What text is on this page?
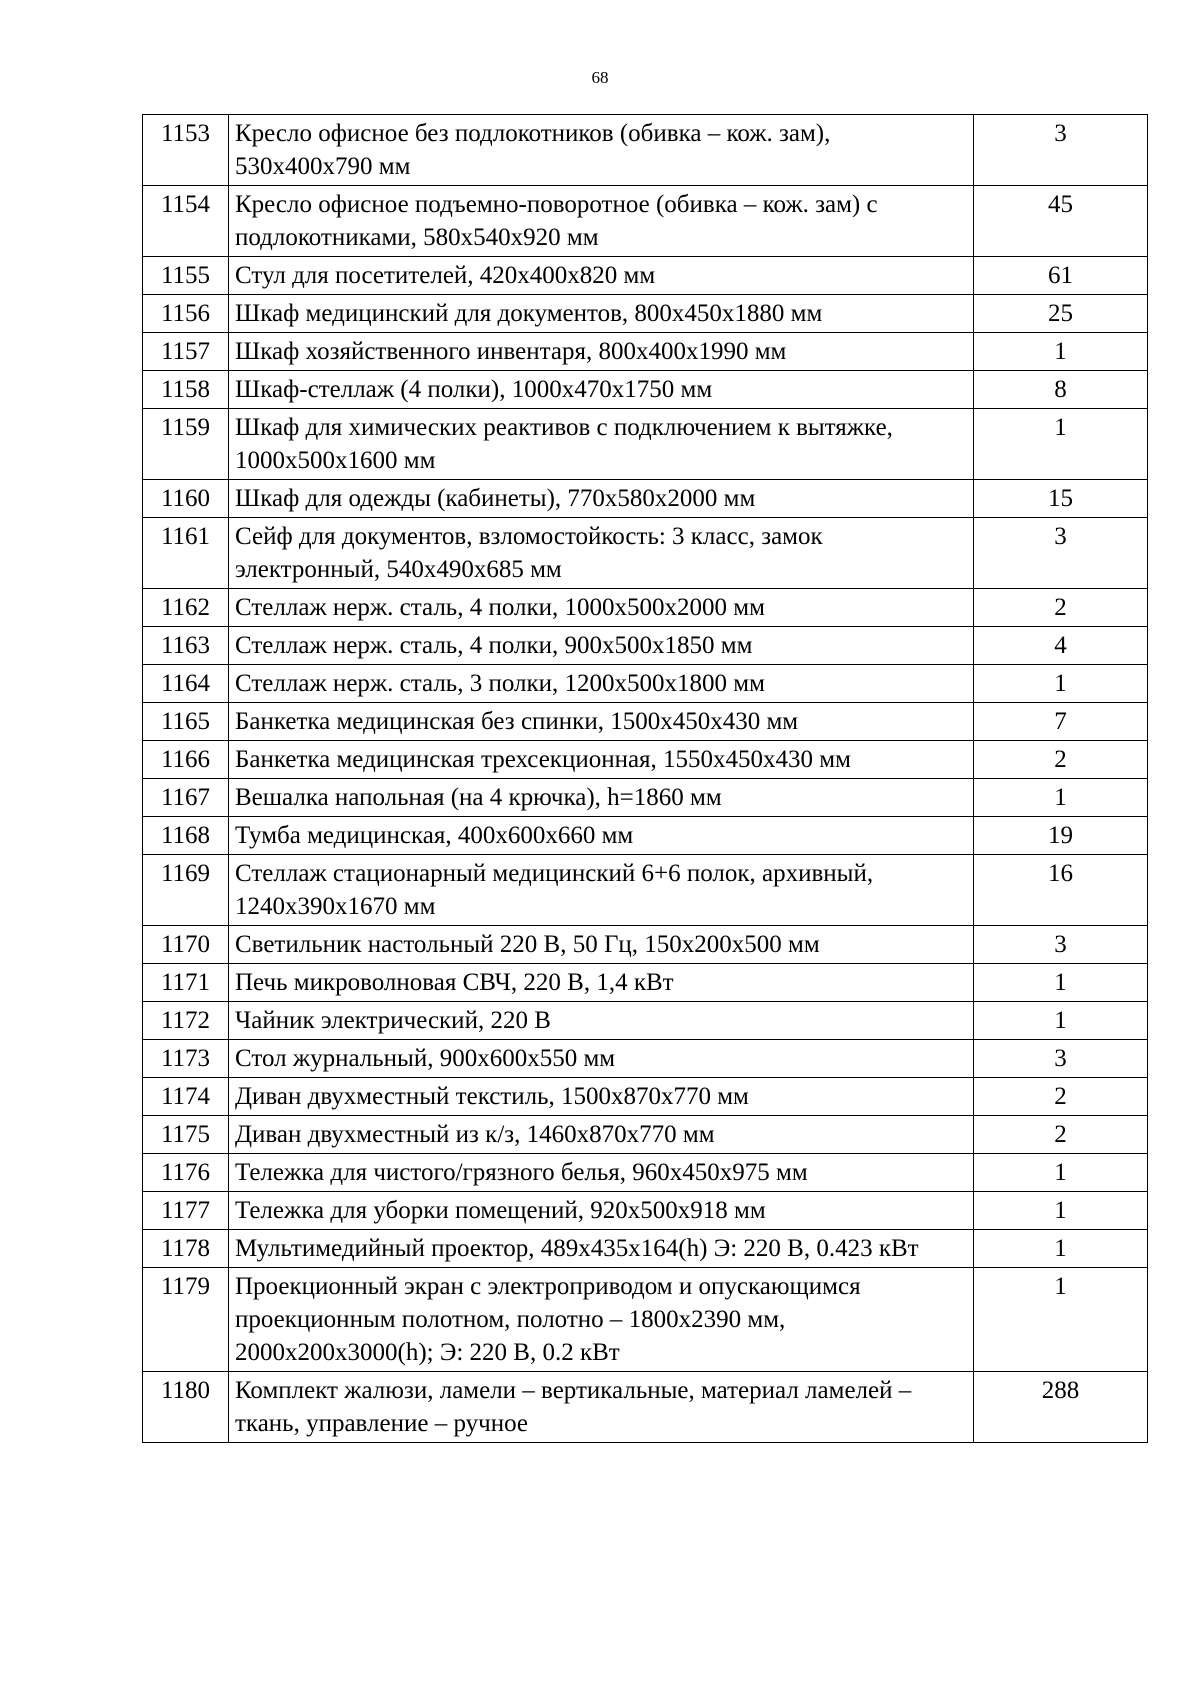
68
1153	Кресло офисное без подлокотников (обивка – кож. зам), 530х400х790 мм	3
1154	Кресло офисное подъемно-поворотное (обивка – кож. зам) с подлокотниками, 580х540х920 мм	45
1155	Стул для посетителей, 420х400х820 мм	61
1156	Шкаф медицинский для документов, 800х450х1880 мм	25
1157	Шкаф хозяйственного инвентаря, 800х400х1990 мм	1
1158	Шкаф-стеллаж (4 полки), 1000х470х1750 мм	8
1159	Шкаф для химических реактивов с подключением к вытяжке, 1000х500х1600 мм	1
1160	Шкаф для одежды (кабинеты), 770х580х2000 мм	15
1161	Сейф для документов, взломостойкость: 3 класс, замок электронный, 540х490х685 мм	3
1162	Стеллаж нерж. сталь, 4 полки, 1000х500х2000 мм	2
1163	Стеллаж нерж. сталь, 4 полки, 900х500х1850 мм	4
1164	Стеллаж нерж. сталь, 3 полки, 1200х500х1800 мм	1
1165	Банкетка медицинская без спинки, 1500х450х430 мм	7
1166	Банкетка медицинская трехсекционная, 1550х450х430 мм	2
1167	Вешалка напольная (на 4 крючка), h=1860 мм	1
1168	Тумба медицинская, 400х600х660 мм	19
1169	Стеллаж стационарный медицинский 6+6 полок, архивный, 1240х390х1670 мм	16
1170	Светильник настольный 220 В, 50 Гц, 150х200х500 мм	3
1171	Печь микроволновая СВЧ, 220 В, 1,4 кВт	1
1172	Чайник электрический, 220 В	1
1173	Стол журнальный, 900х600х550 мм	3
1174	Диван двухместный текстиль, 1500х870х770 мм	2
1175	Диван двухместный из к/з, 1460х870х770 мм	2
1176	Тележка для чистого/грязного белья, 960х450х975 мм	1
1177	Тележка для уборки помещений, 920х500х918 мм	1
1178	Мультимедийный проектор, 489х435х164(h) Э: 220 В, 0.423 кВт	1
1179	Проекционный экран с электроприводом и опускающимся проекционным полотном, полотно – 1800х2390 мм, 2000х200х3000(h); Э: 220 В, 0.2 кВт	1
1180	Комплект жалюзи, ламели – вертикальные, материал ламелей – ткань, управление – ручное	288
